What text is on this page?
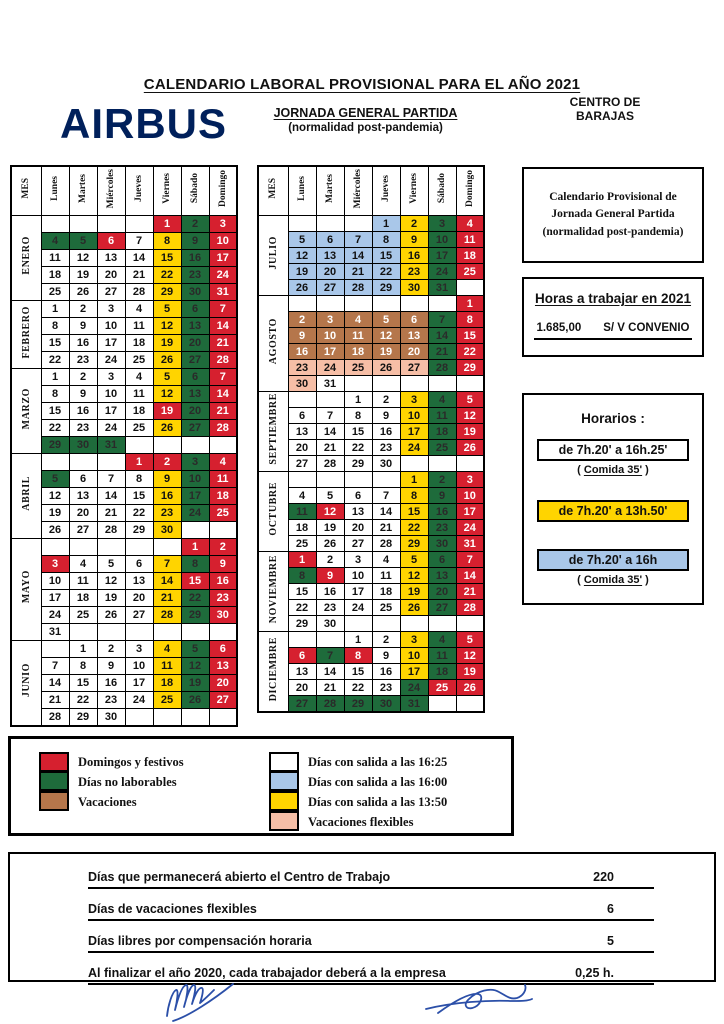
CALENDARIO LABORAL PROVISIONAL PARA EL AÑO 2021
CENTRO DE BARAJAS
AIRBUS	JORNADA GENERAL PARTIDA
(normalidad post-pandemia)
MES	Lunes	Martes	Miércoles	Jueves	Viernes	Sábado	Domingo
ENERO					1	2	3
	4	5	6	7	8	9	10
	11	12	13	14	15	16	17
	18	19	20	21	22	23	24
	25	26	27	28	29	30	31
FEBRERO	1	2	3	4	5	6	7
	8	9	10	11	12	13	14
	15	16	17	18	19	20	21
	22	23	24	25	26	27	28
MARZO	1	2	3	4	5	6	7
	8	9	10	11	12	13	14
	15	16	17	18	19	20	21
	22	23	24	25	26	27	28
	29	30	31				
ABRIL				1	2	3	4
	5	6	7	8	9	10	11
	12	13	14	15	16	17	18
	19	20	21	22	23	24	25
	26	27	28	29	30		
MAYO						1	2
	3	4	5	6	7	8	9
	10	11	12	13	14	15	16
	17	18	19	20	21	22	23
	24	25	26	27	28	29	30
	31						
JUNIO		1	2	3	4	5	6
	7	8	9	10	11	12	13
	14	15	16	17	18	19	20
	21	22	23	24	25	26	27
	28	29	30				
MES	Lunes	Martes	Miércoles	Jueves	Viernes	Sábado	Domingo
JULIO				1	2	3	4
	5	6	7	8	9	10	11
	12	13	14	15	16	17	18
	19	20	21	22	23	24	25
	26	27	28	29	30	31	
AGOSTO							1
	2	3	4	5	6	7	8
	9	10	11	12	13	14	15
	16	17	18	19	20	21	22
	23	24	25	26	27	28	29
	30	31					
SEPTIEMBRE			1	2	3	4	5
	6	7	8	9	10	11	12
	13	14	15	16	17	18	19
	20	21	22	23	24	25	26
	27	28	29	30			
OCTUBRE					1	2	3
	4	5	6	7	8	9	10
	11	12	13	14	15	16	17
	18	19	20	21	22	23	24
	25	26	27	28	29	30	31
NOVIEMBRE	1	2	3	4	5	6	7
	8	9	10	11	12	13	14
	15	16	17	18	19	20	21
	22	23	24	25	26	27	28
	29	30					
DICIEMBRE			1	2	3	4	5
	6	7	8	9	10	11	12
	13	14	15	16	17	18	19
	20	21	22	23	24	25	26
	27	28	29	30	31		
Calendario Provisional de Jornada General Partida (normalidad post-pandemia)
Horas a trabajar en 2021
1.685,00 S/ V CONVENIO
Horarios :
de 7h.20' a 16h.25'
( Comida 35' )
de 7h.20' a 13h.50'
de 7h.20' a 16h
( Comida 35' )
Domingos y festivos
Días no laborables
Vacaciones
Días con salida a las 16:25
Días con salida a las 16:00
Días con salida a las 13:50
Vacaciones flexibles
Días que permanecerá abierto el Centro de Trabajo	220
Días de vacaciones flexibles	6
Días libres por compensación horaria	5
Al finalizar el año 2020, cada trabajador deberá a la empresa	0,25 h.
